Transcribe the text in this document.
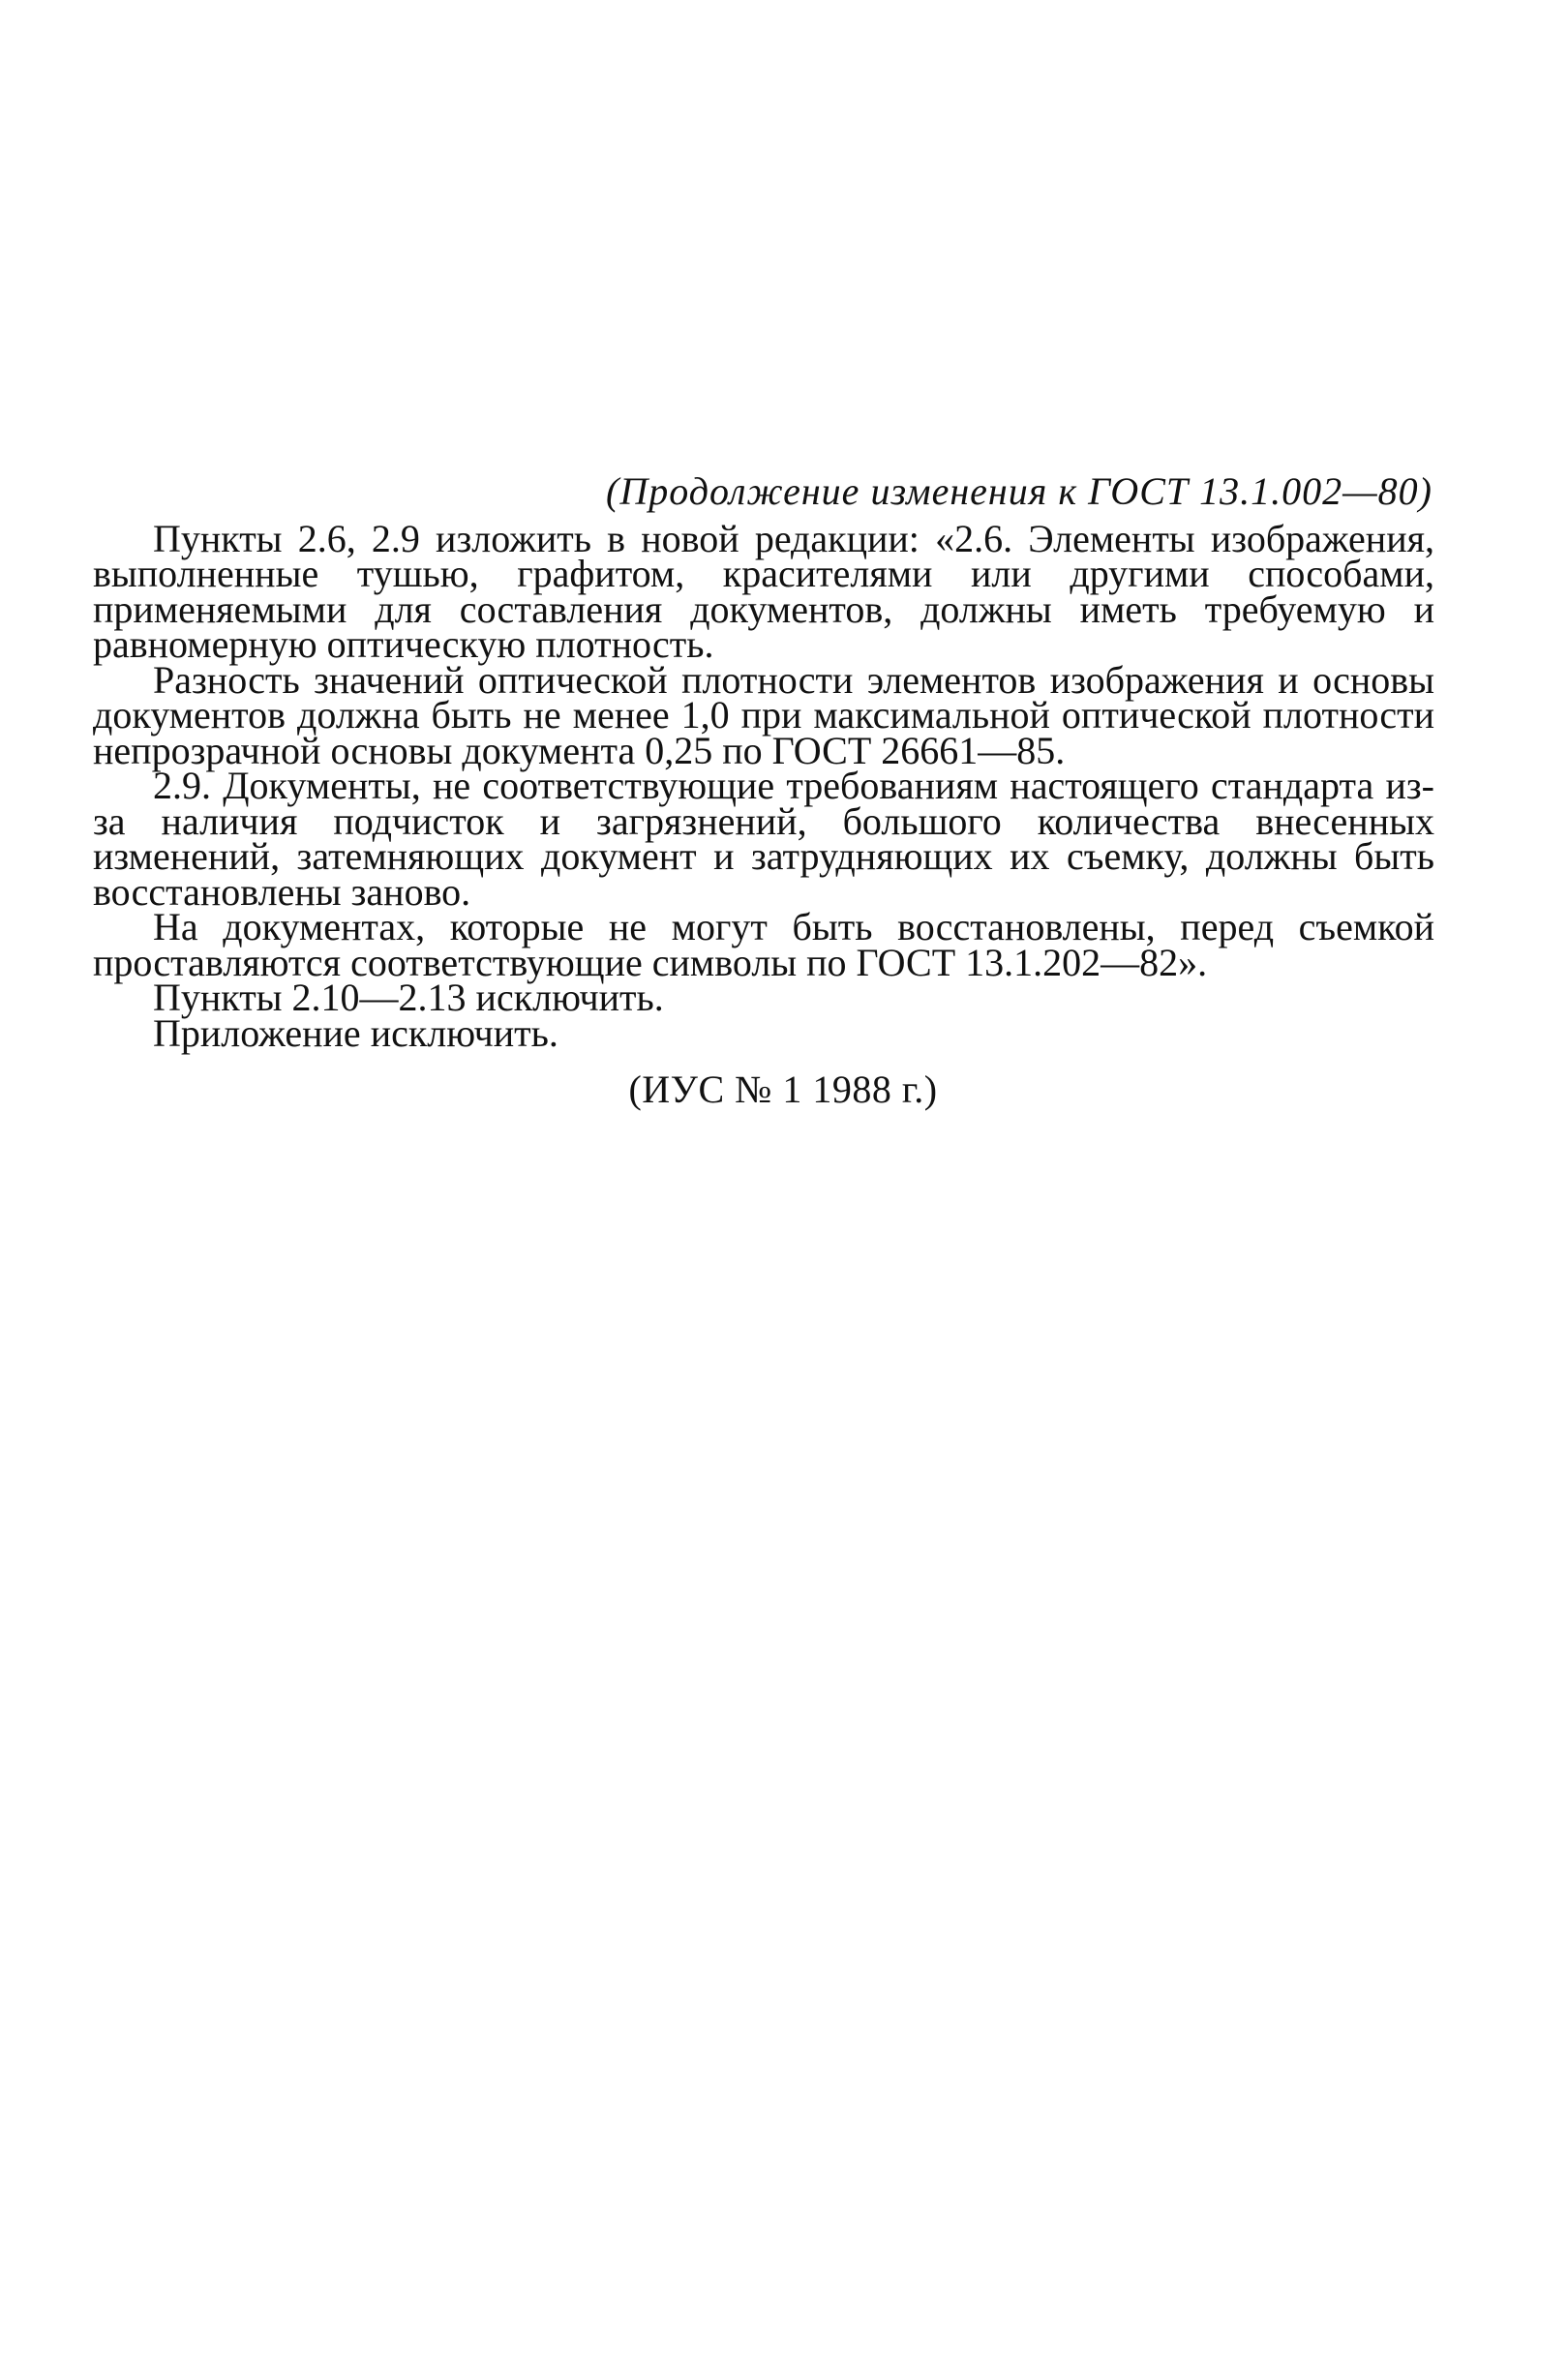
(Продолжение изменения к ГОСТ 13.1.002—80)

Пункты 2.6, 2.9 изложить в новой редакции: «2.6. Элементы изображения, выполненные тушью, графитом, красителями или другими способами, применяемыми для составления документов, должны иметь требуемую и равномерную оптическую плотность.

Разность значений оптической плотности элементов изображения и основы документов должна быть не менее 1,0 при максимальной оптической плотности непрозрачной основы документа 0,25 по ГОСТ 26661—85.

2.9. Документы, не соответствующие требованиям настоящего стандарта из-за наличия подчисток и загрязнений, большого количества внесенных изменений, затемняющих документ и затрудняющих их съемку, должны быть восстановлены заново.

На документах, которые не могут быть восстановлены, перед съемкой проставляются соответствующие символы по ГОСТ 13.1.202—82».

Пункты 2.10—2.13 исключить.

Приложение исключить.

(ИУС № 1 1988 г.)
